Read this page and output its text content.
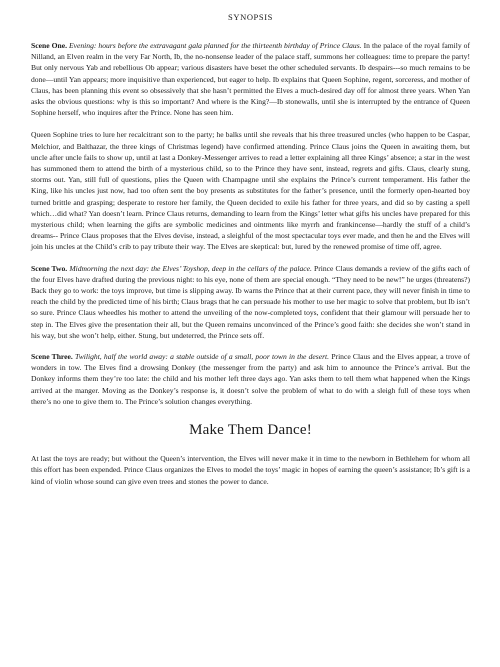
SYNOPSIS

Scene One. Evening: hours before the extravagant gala planned for the thirteenth birthday of Prince Claus. In the palace of the royal family of Nilland, an Elven realm in the very Far North, Ib, the no-nonsense leader of the palace staff, summons her colleagues: time to prepare the party! But only nervous Yab and rebellious Ob appear; various disasters have beset the other scheduled servants. Ib despairs---so much remains to be done—until Yan appears; more inquisitive than experienced, but eager to help. Ib explains that Queen Sophine, regent, sorceress, and mother of Claus, has been planning this event so obsessively that she hasn’t permitted the Elves a much-desired day off for almost three years. When Yan asks the obvious questions: why is this so important? And where is the King?—Ib stonewalls, until she is interrupted by the entrance of Queen Sophine herself, who inquires after the Prince. None has seen him.

Queen Sophine tries to lure her recalcitrant son to the party; he balks until she reveals that his three treasured uncles (who happen to be Caspar, Melchior, and Balthazar, the three kings of Christmas legend) have confirmed attending. Prince Claus joins the Queen in awaiting them, but uncle after uncle fails to show up, until at last a Donkey-Messenger arrives to read a letter explaining all three Kings’ absence; a star in the west has summoned them to attend the birth of a mysterious child, so to the Prince they have sent, instead, regrets and gifts. Claus, clearly stung, storms out. Yan, still full of questions, plies the Queen with Champagne until she explains the Prince’s current temperament. His father the King, like his uncles just now, had too often sent the boy presents as substitutes for the father’s presence, until the formerly open-hearted boy turned brittle and grasping; desperate to restore her family, the Queen decided to exile his father for three years, and did so by casting a spell which…did what? Yan doesn’t learn. Prince Claus returns, demanding to learn from the Kings’ letter what gifts his uncles have prepared for this mysterious child; when learning the gifts are symbolic medicines and ointments like myrrh and frankincense—hardly the stuff of a child’s dreams-- Prince Claus proposes that the Elves devise, instead, a sleighful of the most spectacular toys ever made, and then he and the Elves will join his uncles at the Child’s crib to pay tribute their way. The Elves are skeptical: but, lured by the renewed promise of time off, agree.

Scene Two. Midmorning the next day: the Elves’ Toyshop, deep in the cellars of the palace. Prince Claus demands a review of the gifts each of the four Elves have drafted during the previous night: to his eye, none of them are special enough. “They need to be new!” he urges (threatens?) Back they go to work: the toys improve, but time is slipping away. Ib warns the Prince that at their current pace, they will never finish in time to reach the child by the predicted time of his birth; Claus brags that he can persuade his mother to use her magic to solve that problem, but Ib isn’t so sure. Prince Claus wheedles his mother to attend the unveiling of the now-completed toys, confident that their glamour will persuade her to step in. The Elves give the presentation their all, but the Queen remains unconvinced of the Prince’s good faith: she decides she won’t stand in his way, but she won’t help, either. Stung, but undeterred, the Prince sets off.

Scene Three. Twilight, half the world away: a stable outside of a small, poor town in the desert. Prince Claus and the Elves appear, a trove of wonders in tow. The Elves find a drowsing Donkey (the messenger from the party) and ask him to announce the Prince’s arrival. But the Donkey informs them they’re too late: the child and his mother left three days ago. Yan asks them to tell them what happened when the Kings arrived at the manger. Moving as the Donkey’s response is, it doesn’t solve the problem of what to do with a sleigh full of these toys when there’s no one to give them to. The Prince’s solution changes everything.

Make Them Dance!

At last the toys are ready; but without the Queen’s intervention, the Elves will never make it in time to the newborn in Bethlehem for whom all this effort has been expended. Prince Claus organizes the Elves to model the toys’ magic in hopes of earning the queen’s assistance; Ib’s gift is a kind of violin whose sound can give even trees and stones the power to dance.
